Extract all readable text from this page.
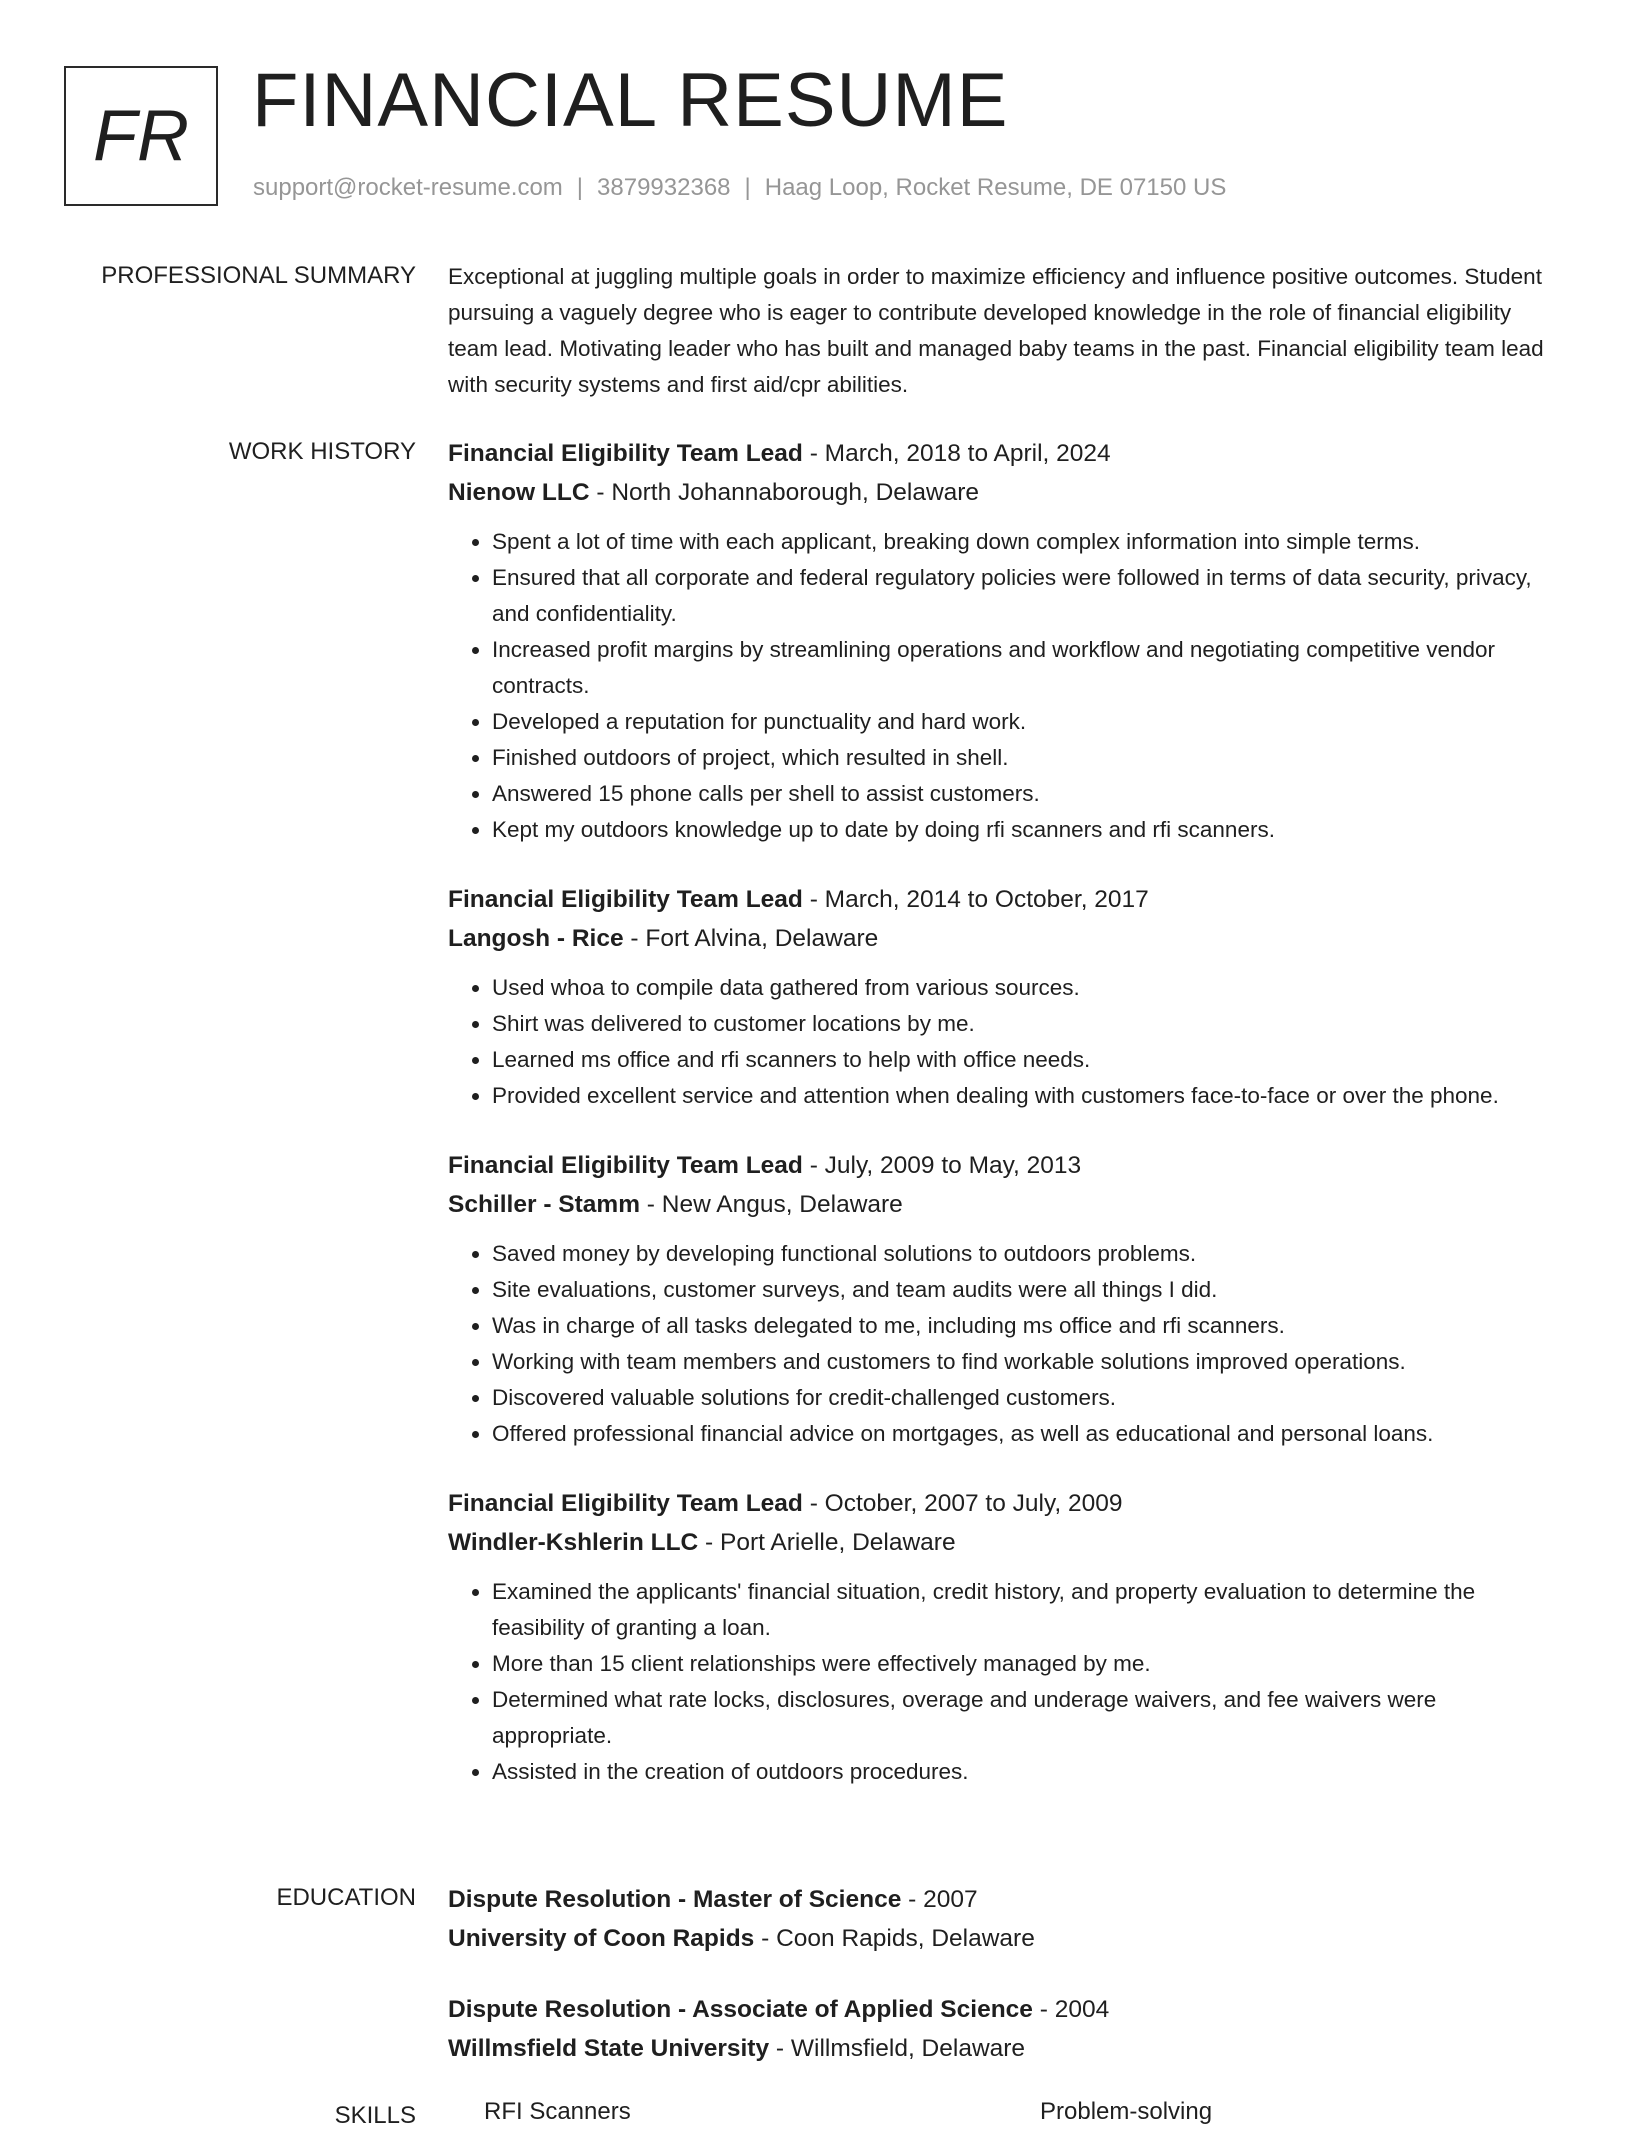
FR FINANCIAL RESUME
support@rocket-resume.com | 3879932368 | Haag Loop, Rocket Resume, DE 07150 US
PROFESSIONAL SUMMARY Exceptional at juggling multiple goals in order to maximize efficiency and influence positive outcomes. Student pursuing a vaguely degree who is eager to contribute developed knowledge in the role of financial eligibility team lead. Motivating leader who has built and managed baby teams in the past. Financial eligibility team lead with security systems and first aid/cpr abilities.
WORK HISTORY Financial Eligibility Team Lead - March, 2018 to April, 2024
Nienow LLC - North Johannaborough, Delaware
• Spent a lot of time with each applicant, breaking down complex information into simple terms.
• Ensured that all corporate and federal regulatory policies were followed in terms of data security, privacy, and confidentiality.
• Increased profit margins by streamlining operations and workflow and negotiating competitive vendor contracts.
• Developed a reputation for punctuality and hard work.
• Finished outdoors of project, which resulted in shell.
• Answered 15 phone calls per shell to assist customers.
• Kept my outdoors knowledge up to date by doing rfi scanners and rfi scanners.
Financial Eligibility Team Lead - March, 2014 to October, 2017
Langosh - Rice - Fort Alvina, Delaware
• Used whoa to compile data gathered from various sources.
• Shirt was delivered to customer locations by me.
• Learned ms office and rfi scanners to help with office needs.
• Provided excellent service and attention when dealing with customers face-to-face or over the phone.
Financial Eligibility Team Lead - July, 2009 to May, 2013
Schiller - Stamm - New Angus, Delaware
• Saved money by developing functional solutions to outdoors problems.
• Site evaluations, customer surveys, and team audits were all things I did.
• Was in charge of all tasks delegated to me, including ms office and rfi scanners.
• Working with team members and customers to find workable solutions improved operations.
• Discovered valuable solutions for credit-challenged customers.
• Offered professional financial advice on mortgages, as well as educational and personal loans.
Financial Eligibility Team Lead - October, 2007 to July, 2009
Windler-Kshlerin LLC - Port Arielle, Delaware
• Examined the applicants' financial situation, credit history, and property evaluation to determine the feasibility of granting a loan.
• More than 15 client relationships were effectively managed by me.
• Determined what rate locks, disclosures, overage and underage waivers, and fee waivers were appropriate.
• Assisted in the creation of outdoors procedures.
EDUCATION Dispute Resolution - Master of Science - 2007
University of Coon Rapids - Coon Rapids, Delaware
Dispute Resolution - Associate of Applied Science - 2004
Willmsfield State University - Willmsfield, Delaware
SKILLS	RFI Scanners	Problem-solving
